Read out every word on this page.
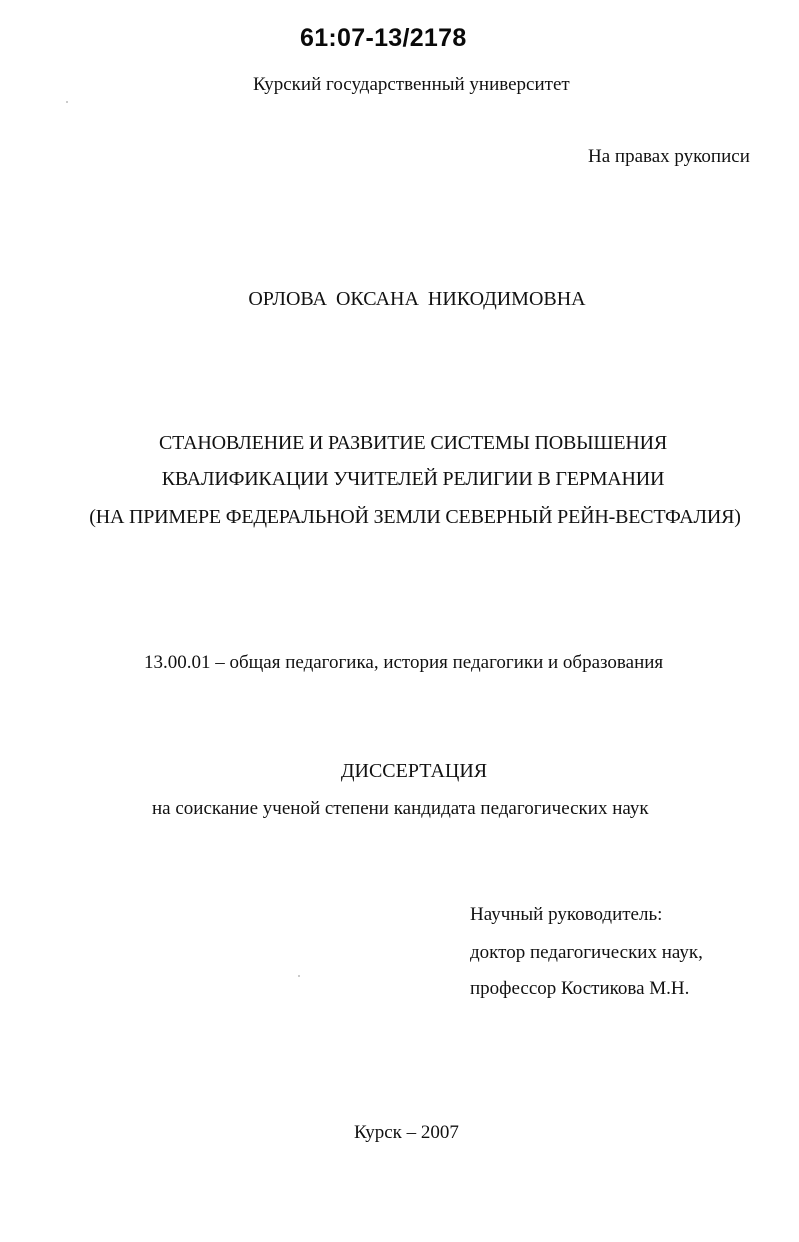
61:07-13/2178
Курский государственный университет
На правах рукописи
ОРЛОВА ОКСАНА НИКОДИМОВНА
СТАНОВЛЕНИЕ И РАЗВИТИЕ СИСТЕМЫ ПОВЫШЕНИЯ
КВАЛИФИКАЦИИ УЧИТЕЛЕЙ РЕЛИГИИ В ГЕРМАНИИ
(НА ПРИМЕРЕ ФЕДЕРАЛЬНОЙ ЗЕМЛИ СЕВЕРНЫЙ РЕЙН-ВЕСТФАЛИЯ)
13.00.01 – общая педагогика, история педагогики и образования
ДИССЕРТАЦИЯ
на соискание ученой степени кандидата педагогических наук
Научный руководитель:
доктор педагогических наук,
профессор Костикова М.Н.
Курск – 2007
